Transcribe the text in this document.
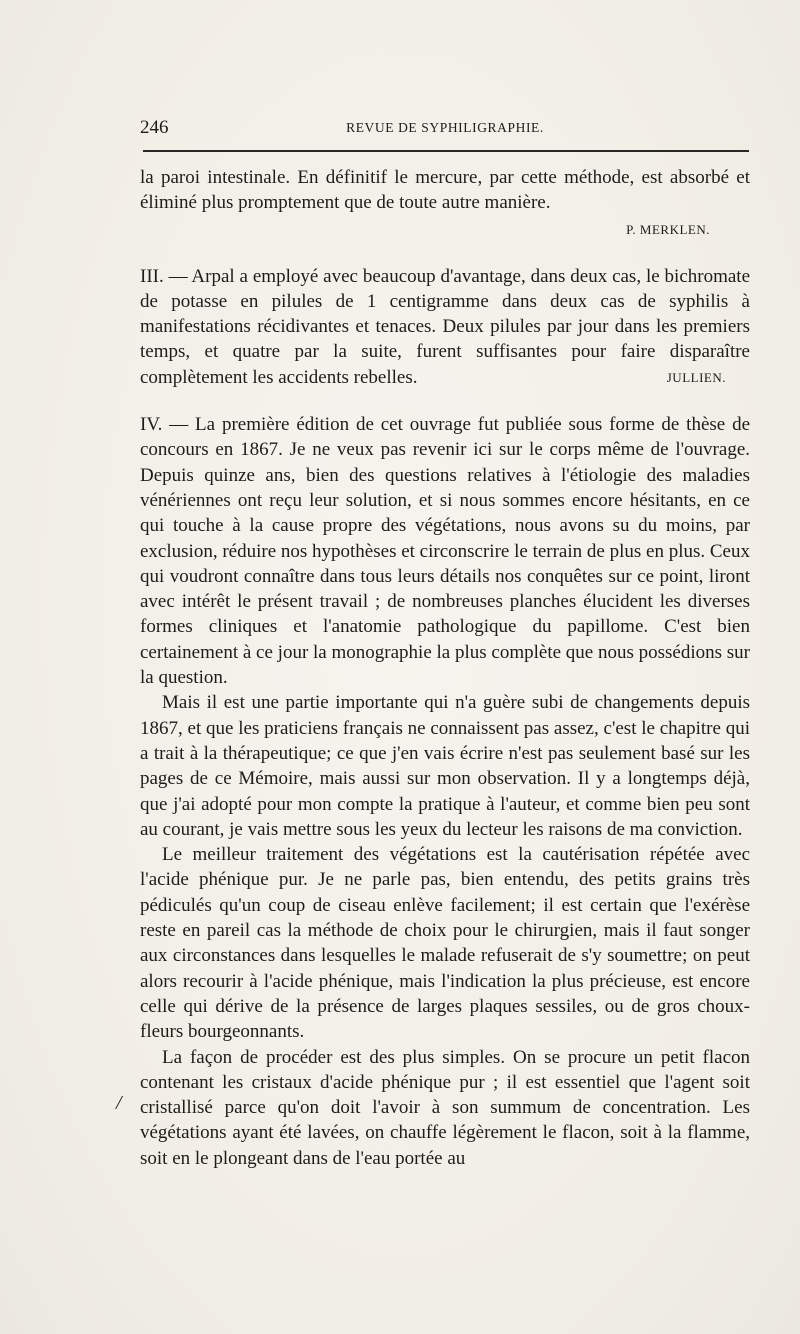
246	REVUE DE SYPHILIGRAPHIE.

la paroi intestinale. En définitif le mercure, par cette méthode, est absorbé et éliminé plus promptement que de toute autre manière.

P. MERKLEN.

III. — Arpal a employé avec beaucoup d'avantage, dans deux cas, le bichromate de potasse en pilules de 1 centigramme dans deux cas de syphilis à manifestations récidivantes et tenaces. Deux pilules par jour dans les premiers temps, et quatre par la suite, furent suffisantes pour faire disparaître complètement les accidents rebelles.	JULLIEN.

IV. — La première édition de cet ouvrage fut publiée sous forme de thèse de concours en 1867. Je ne veux pas revenir ici sur le corps même de l'ouvrage. Depuis quinze ans, bien des questions relatives à l'étiologie des maladies vénériennes ont reçu leur solution, et si nous sommes encore hésitants, en ce qui touche à la cause propre des végétations, nous avons su du moins, par exclusion, réduire nos hypothèses et circonscrire le terrain de plus en plus. Ceux qui voudront connaître dans tous leurs détails nos conquêtes sur ce point, liront avec intérêt le présent travail ; de nombreuses planches élucident les diverses formes cliniques et l'anatomie pathologique du papillome. C'est bien certainement à ce jour la monographie la plus complète que nous possédions sur la question.

Mais il est une partie importante qui n'a guère subi de changements depuis 1867, et que les praticiens français ne connaissent pas assez, c'est le chapitre qui a trait à la thérapeutique; ce que j'en vais écrire n'est pas seulement basé sur les pages de ce Mémoire, mais aussi sur mon observation. Il y a longtemps déjà, que j'ai adopté pour mon compte la pratique à l'auteur, et comme bien peu sont au courant, je vais mettre sous les yeux du lecteur les raisons de ma conviction.

Le meilleur traitement des végétations est la cautérisation répétée avec l'acide phénique pur. Je ne parle pas, bien entendu, des petits grains très pédiculés qu'un coup de ciseau enlève facilement; il est certain que l'exérèse reste en pareil cas la méthode de choix pour le chirurgien, mais il faut songer aux circonstances dans lesquelles le malade refuserait de s'y soumettre; on peut alors recourir à l'acide phénique, mais l'indication la plus précieuse, est encore celle qui dérive de la présence de larges plaques sessiles, ou de gros choux-fleurs bourgeonnants.

La façon de procéder est des plus simples. On se procure un petit flacon contenant les cristaux d'acide phénique pur ; il est essentiel que l'agent soit cristallisé parce qu'on doit l'avoir à son summum de concentration. Les végétations ayant été lavées, on chauffe légèrement le flacon, soit à la flamme, soit en le plongeant dans de l'eau portée au

/
